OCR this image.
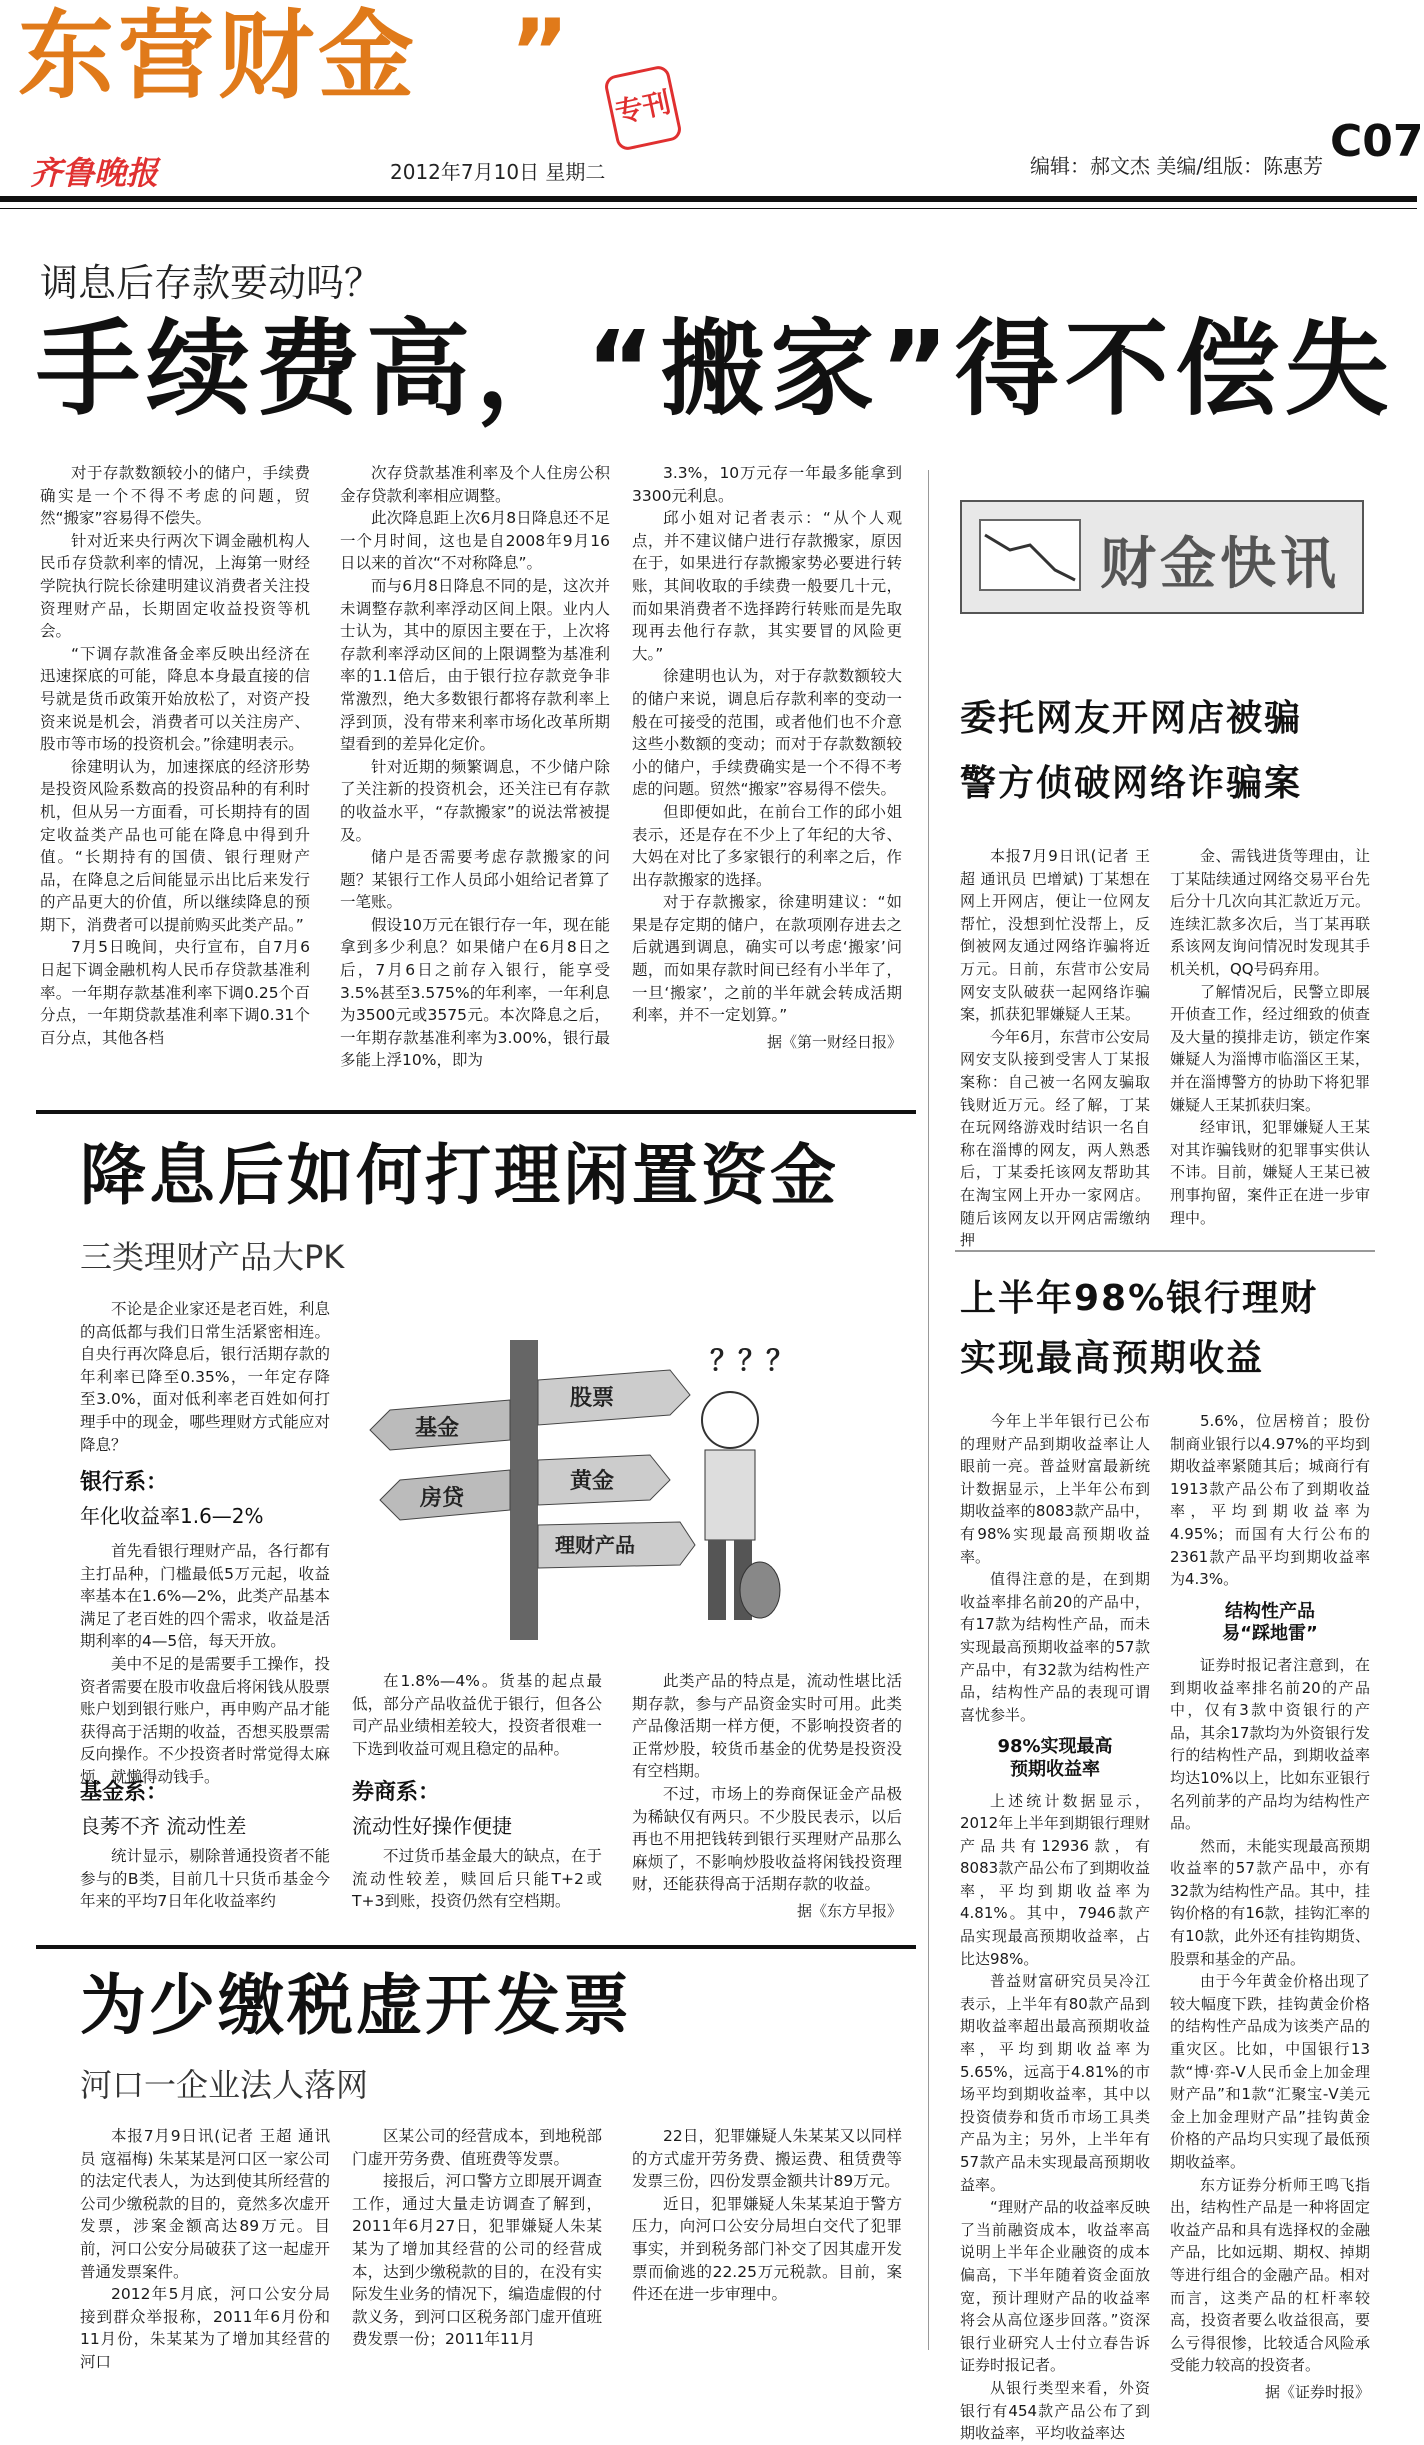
东营财金 ”
专刊
齐鲁晚报	2012年7月10日 星期二	编辑：郝文杰 美编/组版：陈惠芳 C07
调息后存款要动吗？
手续费高，“搬家”得不偿失

对于存款数额较小的储户，手续费确实是一个不得不考虑的问题，贸然“搬家”容易得不偿失。

针对近来央行两次下调金融机构人民币存贷款利率的情况，上海第一财经学院执行院长徐建明建议消费者关注投资理财产品，长期固定收益投资等机会。

“下调存款准备金率反映出经济在迅速探底的可能，降息本身最直接的信号就是货币政策开始放松了，对资产投资来说是机会，消费者可以关注房产、股市等市场的投资机会。”徐建明表示。

徐建明认为，加速探底的经济形势是投资风险系数高的投资品种的有利时机，但从另一方面看，可长期持有的固定收益类产品也可能在降息中得到升值。“长期持有的国债、银行理财产品，在降息之后间能显示出比后来发行的产品更大的价值，所以继续降息的预期下，消费者可以提前购买此类产品。”

7月5日晚间，央行宣布，自7月6日起下调金融机构人民币存贷款基准利率。一年期存款基准利率下调0.25个百分点，一年期贷款基准利率下调0.31个百分点，其他各档

次存贷款基准利率及个人住房公积金存贷款利率相应调整。

此次降息距上次6月8日降息还不足一个月时间，这也是自2008年9月16日以来的首次“不对称降息”。

而与6月8日降息不同的是，这次并未调整存款利率浮动区间上限。业内人士认为，其中的原因主要在于，上次将存款利率浮动区间的上限调整为基准利率的1.1倍后，由于银行拉存款竞争非常激烈，绝大多数银行都将存款利率上浮到顶，没有带来利率市场化改革所期望看到的差异化定价。

针对近期的频繁调息，不少储户除了关注新的投资机会，还关注已有存款的收益水平，“存款搬家”的说法常被提及。

储户是否需要考虑存款搬家的问题？某银行工作人员邱小姐给记者算了一笔账。

假设10万元在银行存一年，现在能拿到多少利息？如果储户在6月8日之后，7月6日之前存入银行，能享受3.5%甚至3.575%的年利率，一年利息为3500元或3575元。本次降息之后，一年期存款基准利率为3.00%，银行最多能上浮10%，即为

3.3%，10万元存一年最多能拿到3300元利息。

邱小姐对记者表示：“从个人观点，并不建议储户进行存款搬家，原因在于，如果进行存款搬家势必要进行转账，其间收取的手续费一般要几十元，而如果消费者不选择跨行转账而是先取现再去他行存款，其实要冒的风险更大。”

徐建明也认为，对于存款数额较大的储户来说，调息后存款利率的变动一般在可接受的范围，或者他们也不介意这些小数额的变动；而对于存款数额较小的储户，手续费确实是一个不得不考虑的问题。贸然“搬家”容易得不偿失。

但即便如此，在前台工作的邱小姐表示，还是存在不少上了年纪的大爷、大妈在对比了多家银行的利率之后，作出存款搬家的选择。

对于存款搬家，徐建明建议：“如果是存定期的储户，在款项刚存进去之后就遇到调息，确实可以考虑‘搬家’问题，而如果存款时间已经有小半年了，一旦‘搬家’，之前的半年就会转成活期利率，并不一定划算。”

据《第一财经日报》
降息后如何打理闲置资金
三类理财产品大PK

不论是企业家还是老百姓，利息的高低都与我们日常生活紧密相连。自央行再次降息后，银行活期存款的年利率已降至0.35%，一年定存降至3.0%，面对低利率老百姓如何打理手中的现金，哪些理财方式能应对降息？

银行系：
年化收益率1.6—2%

首先看银行理财产品，各行都有主打品种，门槛最低5万元起，收益率基本在1.6%—2%，此类产品基本满足了老百姓的四个需求，收益是活期利率的4—5倍，每天开放。

美中不足的是需要手工操作，投资者需要在股市收盘后将闲钱从股票账户划到银行账户，再申购产品才能获得高于活期的收益，否想买股票需反向操作。不少投资者时常觉得太麻烦，就懒得动钱手。

基金系：
良莠不齐 流动性差

统计显示，剔除普通投资者不能参与的B类，目前几十只货币基金今年来的平均7日年化收益率约

基金
股票
房贷
黄金
理财产品
？？？

在1.8%—4%。货基的起点最低，部分产品收益优于银行，但各公司产品业绩相差较大，投资者很难一下选到收益可观且稳定的品种。

券商系：
流动性好操作便捷

不过货币基金最大的缺点，在于流动性较差，赎回后只能T+2或T+3到账，投资仍然有空档期。

此类产品的特点是，流动性堪比活期存款，参与产品资金实时可用。此类产品像活期一样方便，不影响投资者的正常炒股，较货币基金的优势是投资没有空档期。

不过，市场上的券商保证金产品极为稀缺仅有两只。不少股民表示，以后再也不用把钱转到银行买理财产品那么麻烦了，不影响炒股收益将闲钱投资理财，还能获得高于活期存款的收益。

据《东方早报》
为少缴税虚开发票
河口一企业法人落网

本报7月9日讯(记者 王超 通讯员 寇福梅) 朱某某是河口区一家公司的法定代表人，为达到使其所经营的公司少缴税款的目的，竟然多次虚开发票，涉案金额高达89万元。目前，河口公安分局破获了这一起虚开普通发票案件。

2012年5月底，河口公安分局接到群众举报称，2011年6月份和11月份，朱某某为了增加其经营的河口

区某公司的经营成本，到地税部门虚开劳务费、值班费等发票。

接报后，河口警方立即展开调查工作，通过大量走访调查了解到，2011年6月27日，犯罪嫌疑人朱某某为了增加其经营的公司的经营成本，达到少缴税款的目的，在没有实际发生业务的情况下，编造虚假的付款义务，到河口区税务部门虚开值班费发票一份；2011年11月

22日，犯罪嫌疑人朱某某又以同样的方式虚开劳务费、搬运费、租赁费等发票三份，四份发票金额共计89万元。

近日，犯罪嫌疑人朱某某迫于警方压力，向河口公安分局坦白交代了犯罪事实，并到税务部门补交了因其虚开发票而偷逃的22.25万元税款。目前，案件还在进一步审理中。

财金快讯
委托网友开网店被骗
警方侦破网络诈骗案

本报7月9日讯(记者 王超 通讯员 巴增斌) 丁某想在网上开网店，便让一位网友帮忙，没想到忙没帮上，反倒被网友通过网络诈骗将近万元。日前，东营市公安局网安支队破获一起网络诈骗案，抓获犯罪嫌疑人王某。

今年6月，东营市公安局网安支队接到受害人丁某报案称：自己被一名网友骗取钱财近万元。经了解，丁某在玩网络游戏时结识一名自称在淄博的网友，两人熟悉后，丁某委托该网友帮助其在淘宝网上开办一家网店。随后该网友以开网店需缴纳押

金、需钱进货等理由，让丁某陆续通过网络交易平台先后分十几次向其汇款近万元。连续汇款多次后，当丁某再联系该网友询问情况时发现其手机关机，QQ号码弃用。

了解情况后，民警立即展开侦查工作，经过细致的侦查及大量的摸排走访，锁定作案嫌疑人为淄博市临淄区王某，并在淄博警方的协助下将犯罪嫌疑人王某抓获归案。

经审讯，犯罪嫌疑人王某对其诈骗钱财的犯罪事实供认不讳。目前，嫌疑人王某已被刑事拘留，案件正在进一步审理中。

上半年98%银行理财
实现最高预期收益

今年上半年银行已公布的理财产品到期收益率让人眼前一亮。普益财富最新统计数据显示，上半年公布到期收益率的8083款产品中，有98%实现最高预期收益率。

值得注意的是，在到期收益率排名前20的产品中，有17款为结构性产品，而未实现最高预期收益率的57款产品中，有32款为结构性产品，结构性产品的表现可谓喜忧参半。

98%实现最高
预期收益率

上述统计数据显示，2012年上半年到期银行理财产品共有12936款，有8083款产品公布了到期收益率，平均到期收益率为4.81%。其中，7946款产品实现最高预期收益率，占比达98%。

普益财富研究员吴冷江表示，上半年有80款产品到期收益率超出最高预期收益率，平均到期收益率为5.65%，远高于4.81%的市场平均到期收益率，其中以投资债券和货币市场工具类产品为主；另外，上半年有57款产品未实现最高预期收益率。

“理财产品的收益率反映了当前融资成本，收益率高说明上半年企业融资的成本偏高，下半年随着资金面放宽，预计理财产品的收益率将会从高位逐步回落。”资深银行业研究人士付立春告诉证券时报记者。

从银行类型来看，外资银行有454款产品公布了到期收益率，平均收益率达

5.6%，位居榜首；股份制商业银行以4.97%的平均到期收益率紧随其后；城商行有1913款产品公布了到期收益率，平均到期收益率为4.95%；而国有大行公布的2361款产品平均到期收益率为4.3%。

结构性产品
易“踩地雷”

证券时报记者注意到，在到期收益率排名前20的产品中，仅有3款中资银行的产品，其余17款均为外资银行发行的结构性产品，到期收益率均达10%以上，比如东亚银行名列前茅的产品均为结构性产品。

然而，未能实现最高预期收益率的57款产品中，亦有32款为结构性产品。其中，挂钩价格的有16款，挂钩汇率的有10款，此外还有挂钩期货、股票和基金的产品。

由于今年黄金价格出现了较大幅度下跌，挂钩黄金价格的结构性产品成为该类产品的重灾区。比如，中国银行13款“博·弈-V人民币金上加金理财产品”和1款“汇聚宝-V美元金上加金理财产品”挂钩黄金价格的产品均只实现了最低预期收益率。

东方证券分析师王鸣飞指出，结构性产品是一种将固定收益产品和具有选择权的金融产品，比如远期、期权、掉期等进行组合的金融产品。相对而言，这类产品的杠杆率较高，投资者要么收益很高，要么亏得很惨，比较适合风险承受能力较高的投资者。

据《证券时报》
